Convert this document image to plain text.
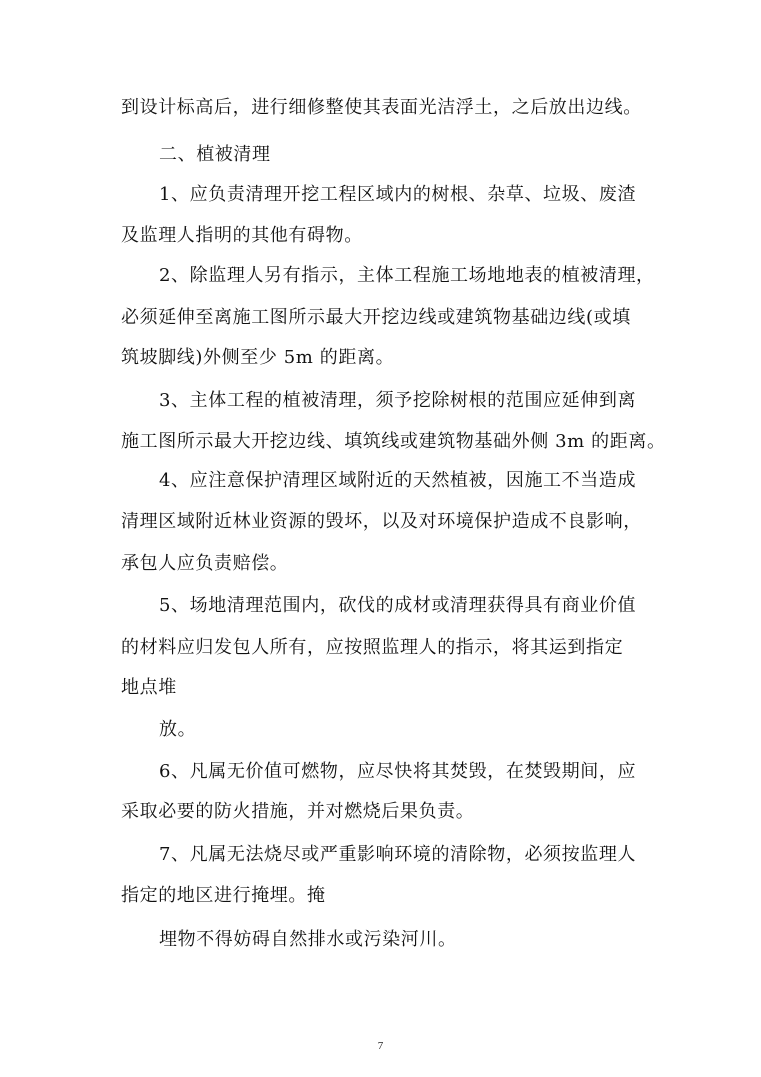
到设计标高后，进行细修整使其表面光洁浮土，之后放出边线。
二、植被清理
1、应负责清理开挖工程区域内的树根、杂草、垃圾、废渣
及监理人指明的其他有碍物。
2、除监理人另有指示，主体工程施工场地地表的植被清理，
必须延伸至离施工图所示最大开挖边线或建筑物基础边线(或填
筑坡脚线)外侧至少 5m 的距离。
3、主体工程的植被清理，须予挖除树根的范围应延伸到离
施工图所示最大开挖边线、填筑线或建筑物基础外侧 3m 的距离。
4、应注意保护清理区域附近的天然植被，因施工不当造成
清理区域附近林业资源的毁坏，以及对环境保护造成不良影响，
承包人应负责赔偿。
5、场地清理范围内，砍伐的成材或清理获得具有商业价值
的材料应归发包人所有，应按照监理人的指示，将其运到指定
地点堆
放。
6、凡属无价值可燃物，应尽快将其焚毁，在焚毁期间，应
采取必要的防火措施，并对燃烧后果负责。
7、凡属无法烧尽或严重影响环境的清除物，必须按监理人
指定的地区进行掩埋。掩
埋物不得妨碍自然排水或污染河川。
7
